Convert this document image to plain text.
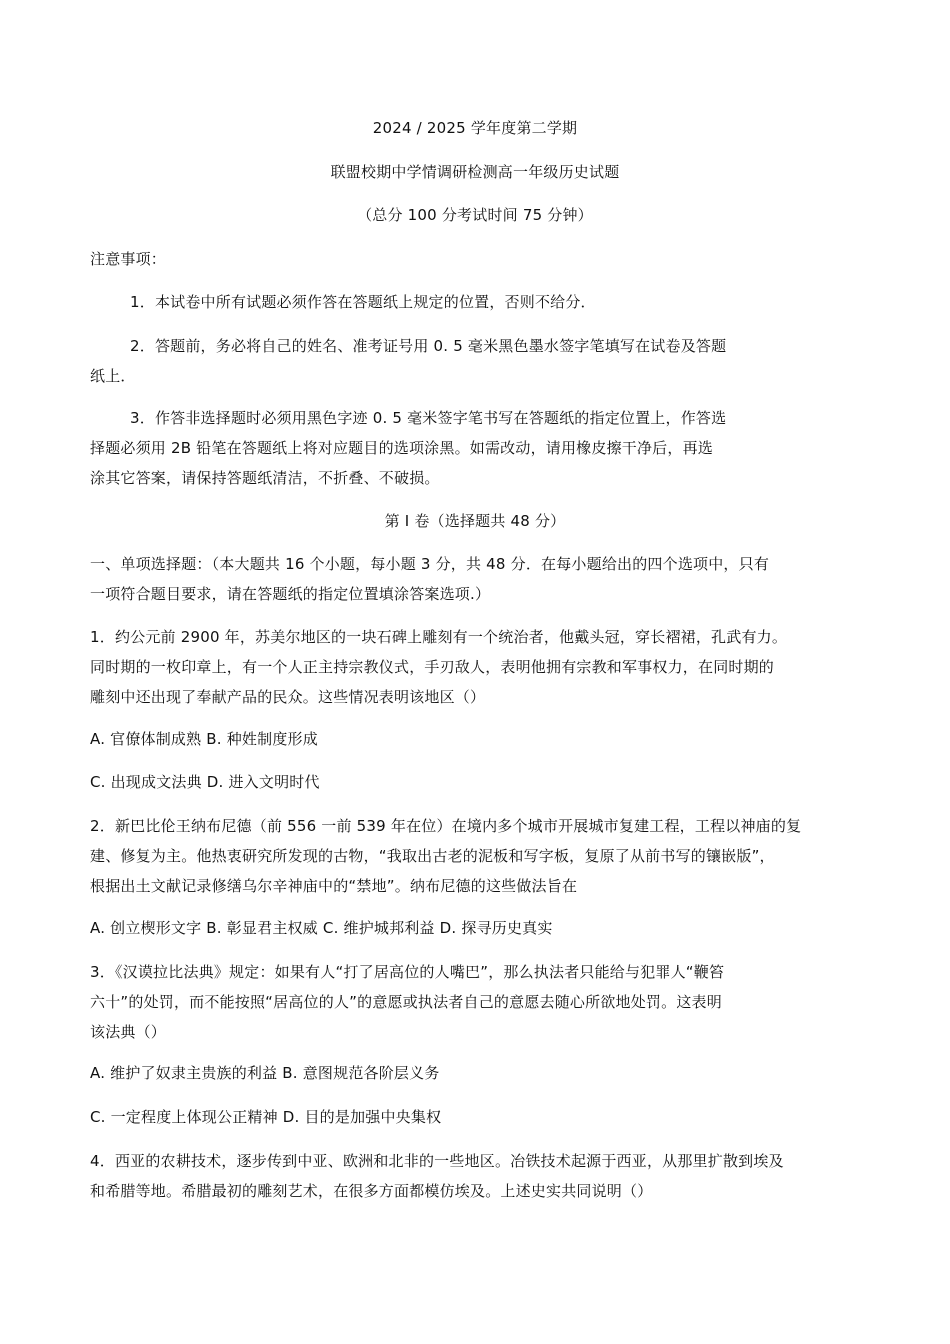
2024 / 2025 学年度第二学期
联盟校期中学情调研检测高一年级历史试题
（总分 100 分考试时间 75 分钟）
注意事项：
1．本试卷中所有试题必须作答在答题纸上规定的位置，否则不给分．
2．答题前，务必将自己的姓名、准考证号用 0. 5 毫米黑色墨水签字笔填写在试卷及答题
纸上．
3．作答非选择题时必须用黑色字迹 0. 5 毫米签字笔书写在答题纸的指定位置上，作答选
择题必须用 2B 铅笔在答题纸上将对应题目的选项涂黑。如需改动，请用橡皮擦干净后，再选
涂其它答案，请保持答题纸清洁，不折叠、不破损。
第 I 卷（选择题共 48 分）
一、单项选择题：（本大题共 16 个小题，每小题 3 分，共 48 分．在每小题给出的四个选项中，只有
一项符合题目要求，请在答题纸的指定位置填涂答案选项.）
1．约公元前 2900 年，苏美尔地区的一块石碑上雕刻有一个统治者，他戴头冠，穿长褶裙，孔武有力。
同时期的一枚印章上，有一个人正主持宗教仪式，手刃敌人，表明他拥有宗教和军事权力，在同时期的
雕刻中还出现了奉献产品的民众。这些情况表明该地区（）
A. 官僚体制成熟 B. 种姓制度形成
C. 出现成文法典 D. 进入文明时代
2．新巴比伦王纳布尼德（前 556 一前 539 年在位）在境内多个城市开展城市复建工程，工程以神庙的复
建、修复为主。他热衷研究所发现的古物，“我取出古老的泥板和写字板，复原了从前书写的镶嵌版”，
根据出土文献记录修缮乌尔辛神庙中的“禁地”。纳布尼德的这些做法旨在
A. 创立楔形文字 B. 彰显君主权威 C. 维护城邦利益 D. 探寻历史真实
3．《汉谟拉比法典》规定：如果有人“打了居高位的人嘴巴”，那么执法者只能给与犯罪人“鞭笞
六十”的处罚，而不能按照“居高位的人”的意愿或执法者自己的意愿去随心所欲地处罚。这表明
该法典（）
A. 维护了奴隶主贵族的利益 B. 意图规范各阶层义务
C. 一定程度上体现公正精神 D. 目的是加强中央集权
4．西亚的农耕技术，逐步传到中亚、欧洲和北非的一些地区。冶铁技术起源于西亚，从那里扩散到埃及
和希腊等地。希腊最初的雕刻艺术，在很多方面都模仿埃及。上述史实共同说明（）
